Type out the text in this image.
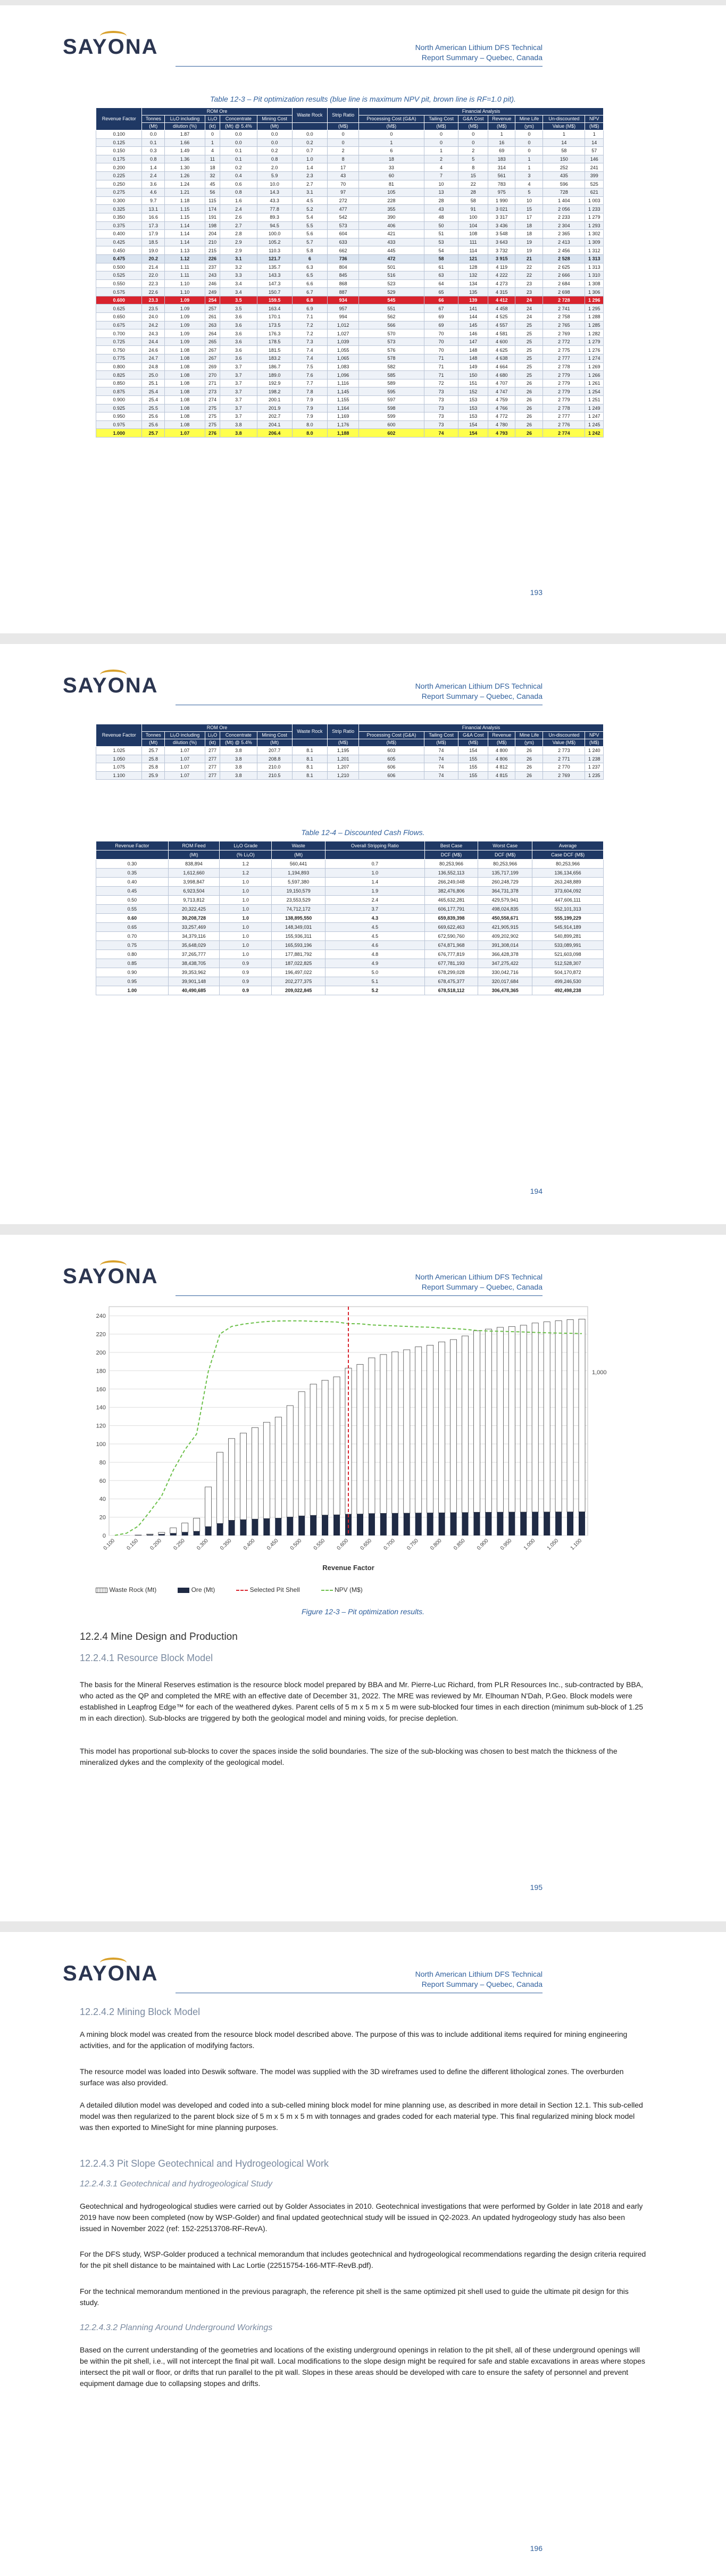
SAYONA	North American Lithium DFS Technical
Report Summary – Quebec, Canada
Table 12-3 – Pit optimization results (blue line is maximum NPV pit, brown line is RF=1.0 pit).
Revenue Factor	ROM Ore					Waste Rock	Strip Ratio	Financial Analysis						
	Tonnes	Li₂O including	Li₂O	Concentrate	Mining Cost			Processing Cost (G&A)	Tailing Cost	G&A Cost	Revenue	Mine Life	Un-discounted	NPV
	(Mt)	dilution (%)	(kt)	(Mt) @ 5.4%	(Mt)		(M$)	(M$)	(M$)	(M$)	(M$)	(yrs)	Value (M$)	(M$)
0.100	0.0	1.87	0	0.0	0.0	0.0	0	0	0	0	1	0	1	1
0.125	0.1	1.66	1	0.0	0.0	0.2	0	1	0	0	16	0	14	14
0.150	0.3	1.49	4	0.1	0.2	0.7	2	6	1	2	69	0	58	57
0.175	0.8	1.36	11	0.1	0.8	1.0	8	18	2	5	183	1	150	146
0.200	1.4	1.30	18	0.2	2.0	1.4	17	33	4	8	314	1	252	241
0.225	2.4	1.26	32	0.4	5.9	2.3	43	60	7	15	561	3	435	399
0.250	3.6	1.24	45	0.6	10.0	2.7	70	81	10	22	783	4	596	525
0.275	4.6	1.21	56	0.8	14.3	3.1	97	105	13	28	975	5	728	621
0.300	9.7	1.18	115	1.6	43.3	4.5	272	228	28	58	1 990	10	1 404	1 003
0.325	13.1	1.15	174	2.4	77.8	5.2	477	355	43	91	3 021	15	2 056	1 233
0.350	16.6	1.15	191	2.6	89.3	5.4	542	390	48	100	3 317	17	2 233	1 279
0.375	17.3	1.14	198	2.7	94.5	5.5	573	406	50	104	3 436	18	2 304	1 293
0.400	17.9	1.14	204	2.8	100.0	5.6	604	421	51	108	3 548	18	2 365	1 302
0.425	18.5	1.14	210	2.9	105.2	5.7	633	433	53	111	3 643	19	2 413	1 309
0.450	19.0	1.13	215	2.9	110.3	5.8	662	445	54	114	3 732	19	2 456	1 312
0.475	20.2	1.12	226	3.1	121.7	6	736	472	58	121	3 915	21	2 528	1 313
0.500	21.4	1.11	237	3.2	135.7	6.3	804	501	61	128	4 119	22	2 625	1 313
0.525	22.0	1.11	243	3.3	143.3	6.5	845	516	63	132	4 222	22	2 666	1 310
0.550	22.3	1.10	246	3.4	147.3	6.6	868	523	64	134	4 273	23	2 684	1 308
0.575	22.6	1.10	249	3.4	150.7	6.7	887	529	65	135	4 315	23	2 698	1 306
0.600	23.3	1.09	254	3.5	159.5	6.8	934	545	66	139	4 412	24	2 728	1 296
0.625	23.5	1.09	257	3.5	163.4	6.9	957	551	67	141	4 458	24	2 741	1 295
0.650	24.0	1.09	261	3.6	170.1	7.1	994	562	69	144	4 525	24	2 758	1 288
0.675	24.2	1.09	263	3.6	173.5	7.2	1,012	566	69	145	4 557	25	2 765	1 285
0.700	24.3	1.09	264	3.6	176.3	7.2	1,027	570	70	146	4 581	25	2 769	1 282
0.725	24.4	1.09	265	3.6	178.5	7.3	1,039	573	70	147	4 600	25	2 772	1 279
0.750	24.6	1.08	267	3.6	181.5	7.4	1,055	576	70	148	4 625	25	2 775	1 276
0.775	24.7	1.08	267	3.6	183.2	7.4	1,065	578	71	148	4 638	25	2 777	1 274
0.800	24.8	1.08	269	3.7	186.7	7.5	1,083	582	71	149	4 664	25	2 778	1 269
0.825	25.0	1.08	270	3.7	189.0	7.6	1,096	585	71	150	4 680	25	2 779	1 266
0.850	25.1	1.08	271	3.7	192.9	7.7	1,116	589	72	151	4 707	26	2 779	1 261
0.875	25.4	1.08	273	3.7	198.2	7.8	1,145	595	73	152	4 747	26	2 779	1 254
0.900	25.4	1.08	274	3.7	200.1	7.9	1,155	597	73	153	4 759	26	2 779	1 251
0.925	25.5	1.08	275	3.7	201.9	7.9	1,164	598	73	153	4 766	26	2 778	1 249
0.950	25.6	1.08	275	3.7	202.7	7.9	1,169	599	73	153	4 772	26	2 777	1 247
0.975	25.6	1.08	275	3.8	204.1	8.0	1,176	600	73	154	4 780	26	2 776	1 245
1.000	25.7	1.07	276	3.8	206.4	8.0	1,188	602	74	154	4 793	26	2 774	1 242
193
SAYONA	North American Lithium DFS Technical
Report Summary – Quebec, Canada
Revenue Factor	ROM Ore					Waste Rock	Strip Ratio	Financial Analysis						
	Tonnes	Li₂O including	Li₂O	Concentrate	Mining Cost			Processing Cost (G&A)	Tailing Cost	G&A Cost	Revenue	Mine Life	Un-discounted	NPV
	(Mt)	dilution (%)	(kt)	(Mt) @ 5.4%	(Mt)		(M$)	(M$)	(M$)	(M$)	(M$)	(yrs)	Value (M$)	(M$)
1.025	25.7	1.07	277	3.8	207.7	8.1	1,195	603	74	154	4 800	26	2 773	1 240
1.050	25.8	1.07	277	3.8	208.8	8.1	1,201	605	74	155	4 806	26	2 771	1 238
1.075	25.8	1.07	277	3.8	210.0	8.1	1,207	606	74	155	4 812	26	2 770	1 237
1.100	25.9	1.07	277	3.8	210.5	8.1	1,210	606	74	155	4 815	26	2 769	1 235
Table 12-4 – Discounted Cash Flows.
Revenue Factor	ROM Feed	Li₂O Grade	Waste	Overall Stripping Ratio	Best Case	Worst Case	Average
	(Mt)	(% Li₂O)	(Mt)		DCF (M$)	DCF (M$)	Case DCF (M$)
0.30	838,894	1.2	560,441	0.7	80,253,966	80,253,966	80,253,966
0.35	1,612,660	1.2	1,194,893	1.0	136,552,113	135,717,199	136,134,656
0.40	3,998,847	1.0	5,597,380	1.4	266,249,048	260,248,729	263,248,889
0.45	6,923,504	1.0	19,150,579	1.9	382,476,806	364,731,378	373,604,092
0.50	9,713,812	1.0	23,553,529	2.4	465,632,281	429,579,941	447,606,111
0.55	20,322,425	1.0	74,712,172	3.7	606,177,791	498,024,835	552,101,313
0.60	30,208,728	1.0	138,895,550	4.3	659,839,398	450,558,671	555,199,229
0.65	33,257,469	1.0	148,349,031	4.5	669,622,463	421,905,915	545,914,189
0.70	34,379,116	1.0	155,936,311	4.5	672,590,760	409,202,902	540,899,281
0.75	35,648,029	1.0	165,593,196	4.6	674,871,968	391,308,014	533,089,991
0.80	37,265,777	1.0	177,881,792	4.8	676,777,819	366,428,378	521,603,098
0.85	38,438,705	0.9	187,022,825	4.9	677,781,193	347,275,422	512,528,307
0.90	39,353,962	0.9	196,497,022	5.0	678,299,028	330,042,716	504,170,872
0.95	39,901,148	0.9	202,277,375	5.1	678,475,377	320,017,684	499,246,530
1.00	40,490,685	0.9	209,022,845	5.2	678,518,112	306,478,365	492,498,238
194
SAYONA	North American Lithium DFS Technical
Report Summary – Quebec, Canada
0
20
40
60
80
100
120
140
160
180
200
220
240
1,000
0.100 0.150 0.200 0.250 0.300 0.350 0.400 0.450 0.500 0.550 0.600 0.650 0.700 0.750 0.800 0.850 0.900 0.950 1.000 1.050 1.100
Revenue Factor
Waste Rock (Mt)	Ore (Mt)	Selected Pit Shell	NPV (M$)
Figure 12-3 – Pit optimization results.
12.2.4 Mine Design and Production
12.2.4.1 Resource Block Model

The basis for the Mineral Reserves estimation is the resource block model prepared by BBA and Mr. Pierre-Luc Richard, from PLR Resources Inc., sub-contracted by BBA, who acted as the QP and completed the MRE with an effective date of December 31, 2022. The MRE was reviewed by Mr. Elhouman N'Dah, P.Geo. Block models were established in Leapfrog Edge™ for each of the weathered dykes. Parent cells of 5 m x 5 m x 5 m were sub-blocked four times in each direction (minimum sub-block of 1.25 m in each direction). Sub-blocks are triggered by both the geological model and mining voids, for precise depletion.

This model has proportional sub-blocks to cover the spaces inside the solid boundaries. The size of the sub-blocking was chosen to best match the thickness of the mineralized dykes and the complexity of the geological model.

195
SAYONA	North American Lithium DFS Technical
Report Summary – Quebec, Canada
12.2.4.2 Mining Block Model

A mining block model was created from the resource block model described above. The purpose of this was to include additional items required for mining engineering activities, and for the application of modifying factors.

The resource model was loaded into Deswik software. The model was supplied with the 3D wireframes used to define the different lithological zones. The overburden surface was also provided.

A detailed dilution model was developed and coded into a sub-celled mining block model for mine planning use, as described in more detail in Section 12.1. This sub-celled model was then regularized to the parent block size of 5 m x 5 m x 5 m with tonnages and grades coded for each material type. This final regularized mining block model was then exported to MineSight for mine planning purposes.

12.2.4.3 Pit Slope Geotechnical and Hydrogeological Work
12.2.4.3.1 Geotechnical and hydrogeological Study

Geotechnical and hydrogeological studies were carried out by Golder Associates in 2010. Geotechnical investigations that were performed by Golder in late 2018 and early 2019 have now been completed (now by WSP-Golder) and final updated geotechnical study will be issued in Q2-2023. An updated hydrogeology study has also been issued in November 2022 (ref: 152-22513708-RF-RevA).

For the DFS study, WSP-Golder produced a technical memorandum that includes geotechnical and hydrogeological recommendations regarding the design criteria required for the pit shell distance to be maintained with Lac Lortie (22515754-166-MTF-RevB.pdf).

For the technical memorandum mentioned in the previous paragraph, the reference pit shell is the same optimized pit shell used to guide the ultimate pit design for this study.

12.2.4.3.2 Planning Around Underground Workings

Based on the current understanding of the geometries and locations of the existing underground openings in relation to the pit shell, all of these underground openings will be within the pit shell, i.e., will not intercept the final pit wall. Local modifications to the slope design might be required for safe and stable excavations in areas where stopes intersect the pit wall or floor, or drifts that run parallel to the pit wall. Slopes in these areas should be developed with care to ensure the safety of personnel and prevent equipment damage due to collapsing stopes and drifts.

196
